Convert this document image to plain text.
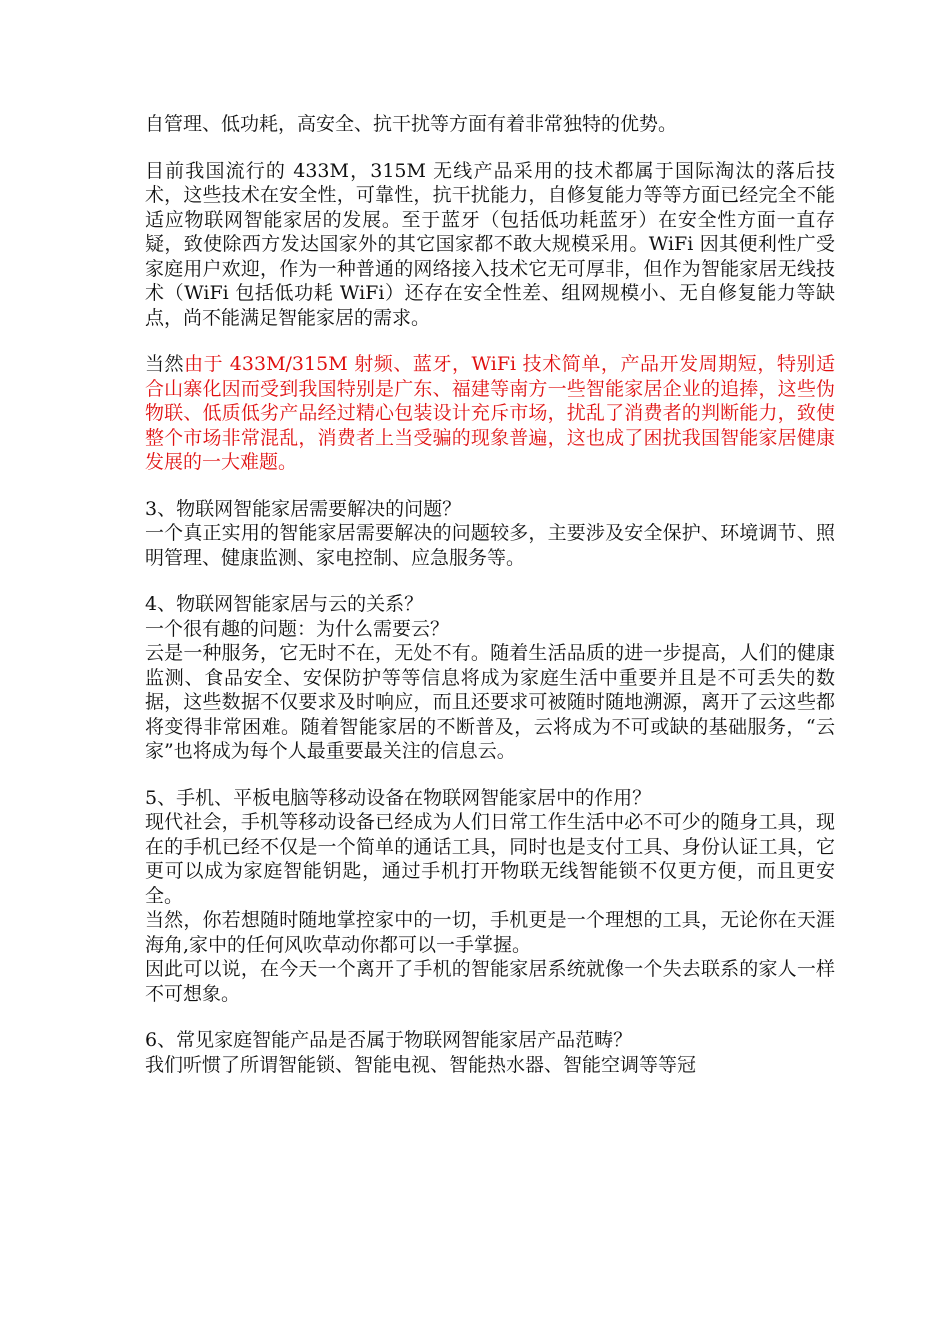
自管理、低功耗，高安全、抗干扰等方面有着非常独特的优势。

目前我国流行的 433M，315M 无线产品采用的技术都属于国际淘汰的落后技术，这些技术在安全性，可靠性，抗干扰能力，自修复能力等等方面已经完全不能适应物联网智能家居的发展。至于蓝牙（包括低功耗蓝牙）在安全性方面一直存疑，致使除西方发达国家外的其它国家都不敢大规模采用。WiFi 因其便利性广受家庭用户欢迎，作为一种普通的网络接入技术它无可厚非，但作为智能家居无线技术（WiFi 包括低功耗 WiFi）还存在安全性差、组网规模小、无自修复能力等缺点，尚不能满足智能家居的需求。

当然由于 433M/315M 射频、蓝牙，WiFi 技术简单，产品开发周期短，特别适合山寨化因而受到我国特别是广东、福建等南方一些智能家居企业的追捧，这些伪物联、低质低劣产品经过精心包装设计充斥市场，扰乱了消费者的判断能力，致使整个市场非常混乱，消费者上当受骗的现象普遍，这也成了困扰我国智能家居健康发展的一大难题。

3、物联网智能家居需要解决的问题？

一个真正实用的智能家居需要解决的问题较多，主要涉及安全保护、环境调节、照明管理、健康监测、家电控制、应急服务等。

4、物联网智能家居与云的关系？

一个很有趣的问题：为什么需要云？

云是一种服务，它无时不在，无处不有。随着生活品质的进一步提高，人们的健康监测、食品安全、安保防护等等信息将成为家庭生活中重要并且是不可丢失的数据，这些数据不仅要求及时响应，而且还要求可被随时随地溯源，离开了云这些都将变得非常困难。随着智能家居的不断普及，云将成为不可或缺的基础服务，“云家”也将成为每个人最重要最关注的信息云。

5、手机、平板电脑等移动设备在物联网智能家居中的作用？

现代社会，手机等移动设备已经成为人们日常工作生活中必不可少的随身工具，现在的手机已经不仅是一个简单的通话工具，同时也是支付工具、身份认证工具，它更可以成为家庭智能钥匙，通过手机打开物联无线智能锁不仅更方便，而且更安全。

当然，你若想随时随地掌控家中的一切，手机更是一个理想的工具，无论你在天涯海角,家中的任何风吹草动你都可以一手掌握。

因此可以说，在今天一个离开了手机的智能家居系统就像一个失去联系的家人一样不可想象。

6、常见家庭智能产品是否属于物联网智能家居产品范畴？

我们听惯了所谓智能锁、智能电视、智能热水器、智能空调等等冠
